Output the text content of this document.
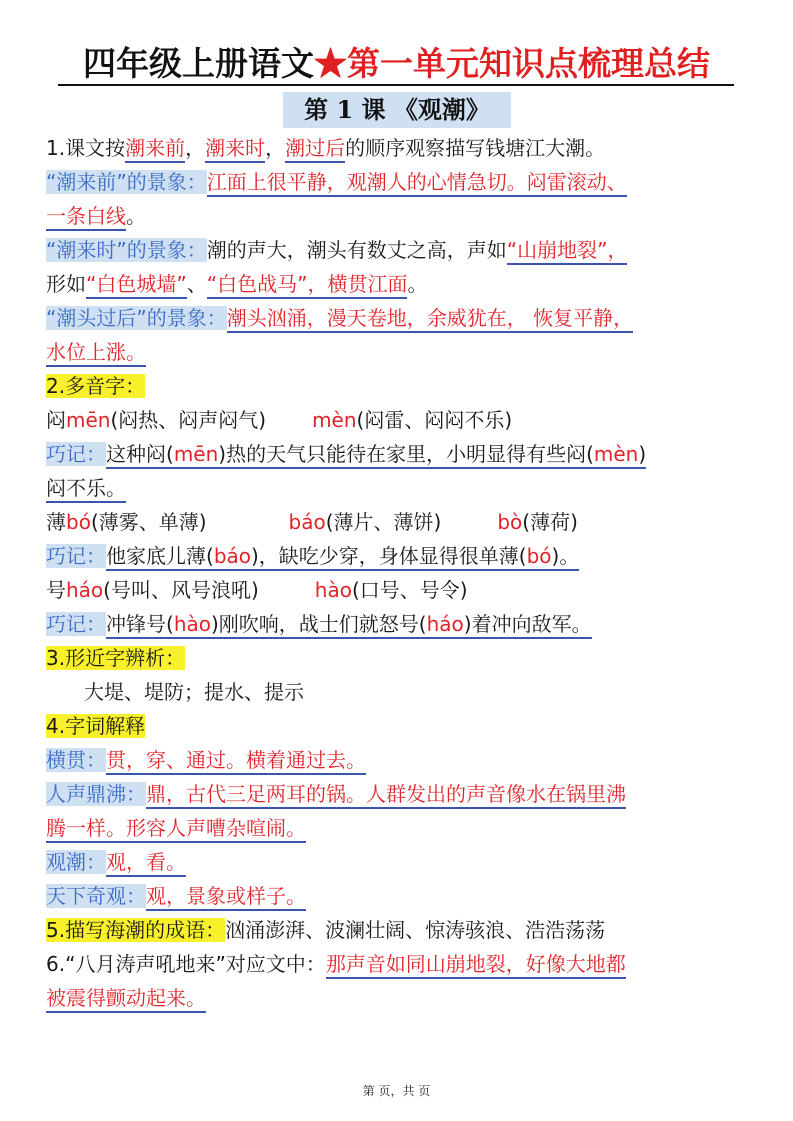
四年级上册语文★第一单元知识点梳理总结
第 1 课 《观潮》
1.课文按潮来前，潮来时，潮过后的顺序观察描写钱塘江大潮。
“潮来前”的景象：江面上很平静，观潮人的心情急切。闷雷滚动、
一条白线。
“潮来时”的景象：潮的声大，潮头有数丈之高，声如“山崩地裂”，
形如“白色城墙”、“白色战马”，横贯江面。
“潮头过后”的景象：潮头汹涌，漫天卷地，余威犹在， 恢复平静，
水位上涨。
2.多音字：
闷mēn(闷热、闷声闷气) mèn(闷雷、闷闷不乐)
巧记：这种闷(mēn)热的天气只能待在家里，小明显得有些闷(mèn)
闷不乐。
薄bó(薄雾、单薄)	báo(薄片、薄饼)	bò(薄荷)
巧记：他家底儿薄(báo)，缺吃少穿，身体显得很单薄(bó)。
号háo(号叫、风号浪吼)	hào(口号、号令)
巧记：冲锋号(hào)刚吹响，战士们就怒号(háo)着冲向敌军。
3.形近字辨析：
大堤、堤防；提水、提示
4.字词解释
横贯：贯，穿、通过。横着通过去。
人声鼎沸：鼎，古代三足两耳的锅。人群发出的声音像水在锅里沸
腾一样。形容人声嘈杂喧闹。
观潮：观，看。
天下奇观：观，景象或样子。
5.描写海潮的成语：汹涌澎湃、波澜壮阔、惊涛骇浪、浩浩荡荡
6.“八月涛声吼地来”对应文中：那声音如同山崩地裂，好像大地都
被震得颤动起来。
第 页，共 页
